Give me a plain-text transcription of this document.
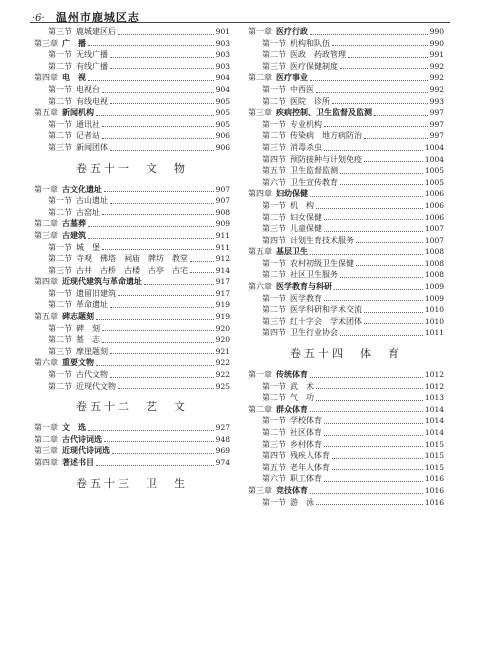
·6· 温州市鹿城区志
第三节 鹿城建区后	901
第三章 广　播	903
第一节 无线广播	903
第二节 有线广播	903
第四章 电　视	904
第一节 电视台	904
第二节 有线电视	905
第五章 新闻机构	905
第一节 通讯社	905
第二节 记者站	906
第三节 新闻团体	906
卷五十一　文　物
第一章 古文化遗址	907
第一节 古山遗址	907
第二节 古窑址	908
第二章 古墓葬	909
第三章 古建筑	911
第一节 城　堡	911
第二节 寺观　佛塔　祠庙　牌坊　教堂	912
第三节 古井　古桥　古楼　古亭　古宅	914
第四章 近现代建筑与革命遗址	917
第一节 遗留旧建筑	917
第二节 革命遗址	919
第五章 碑志题刻	919
第一节 碑　刻	920
第二节 墓　志	920
第三节 摩崖题刻	921
第六章 重要文物	922
第一节 古代文物	922
第二节 近现代文物	925
卷五十二　艺　文
第一章 文　选	927
第二章 古代诗词选	948
第三章 近现代诗词选	969
第四章 著述书目	974
卷五十三　卫　生
第一章 医疗行政	990
第一节 机构和队伍	990
第二节 医政　药政管理	991
第三节 医疗保健制度	992
第二章 医疗事业	992
第一节 中西医	992
第二节 医院　诊所	993
第三章 疾病控制、卫生监督及监测	997
第一节 专业机构	997
第二节 传染病　地方病防治	997
第三节 消毒杀虫	1004
第四节 预防接种与计划免疫	1004
第五节 卫生监督监测	1005
第六节 卫生宣传教育	1005
第四章 妇幼保健	1006
第一节 机　构	1006
第二节 妇女保健	1006
第三节 儿童保健	1007
第四节 计划生育技术服务	1007
第五章 基层卫生	1008
第一节 农村初级卫生保健	1008
第二节 社区卫生服务	1008
第六章 医学教育与科研	1009
第一节 医学教育	1009
第二节 医学科研和学术交流	1010
第三节 红十字会　学术团体	1010
第四节 卫生行业协会	1011
卷五十四　体　育
第一章 传统体育	1012
第一节 武　术	1012
第二节 气　功	1013
第二章 群众体育	1014
第一节 学校体育	1014
第二节 社区体育	1014
第三节 乡村体育	1015
第四节 残疾人体育	1015
第五节 老年人体育	1015
第六节 职工体育	1016
第三章 竞技体育	1016
第一节 游　泳	1016
